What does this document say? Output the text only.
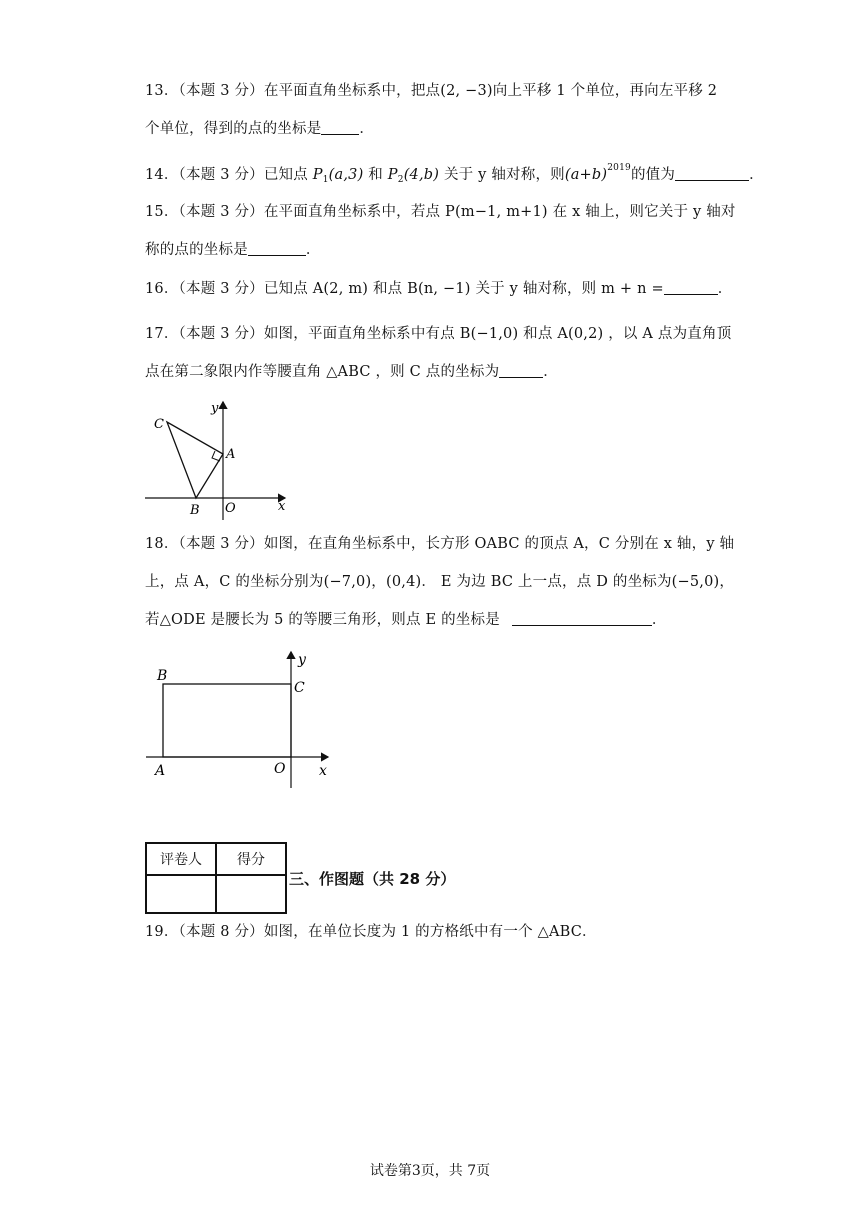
13．（本题 3 分）在平面直角坐标系中，把点(2, −3)向上平移 1 个单位，再向左平移 2
个单位，得到的点的坐标是	．
14．（本题 3 分）已知点 $P_1(a,3)$ 和 $P_2(4,b)$ 关于 y 轴对称，则$(a+b)^{2019}$的值为	．
15．（本题 3 分）在平面直角坐标系中，若点 P(m−1, m+1) 在 x 轴上，则它关于 y 轴对
称的点的坐标是	．
16．（本题 3 分）已知点 A(2, m) 和点 B(n, −1) 关于 y 轴对称，则 m + n =	．
17．（本题 3 分）如图，平面直角坐标系中有点 B(−1,0) 和点 A(0,2) ，以 A 点为直角顶
点在第二象限内作等腰直角 △ABC ，则 C 点的坐标为	．
C
y
A
B O	x
18．（本题 3 分）如图，在直角坐标系中，长方形 OABC 的顶点 A，C 分别在 x 轴，y 轴
上，点 A，C 的坐标分别为(−7,0)，(0,4)． E 为边 BC 上一点，点 D 的坐标为(−5,0)，
若△ODE 是腰长为 5 的等腰三角形，则点 E 的坐标是	．
B
y
C
A	O x
评卷人	得分

三、作图题（共 28 分）
19．（本题 8 分）如图，在单位长度为 1 的方格纸中有一个 △ABC．
试卷第3页，共 7页
